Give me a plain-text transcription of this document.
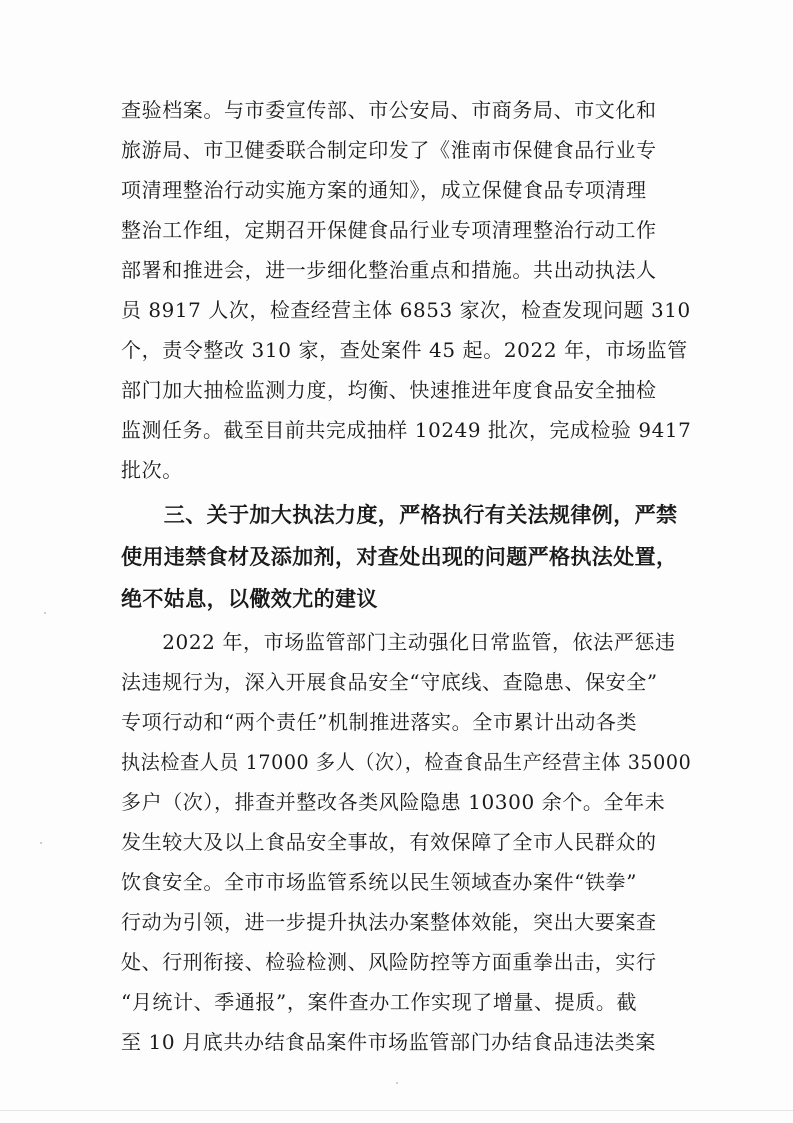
查验档案。与市委宣传部、市公安局、市商务局、市文化和
旅游局、市卫健委联合制定印发了《淮南市保健食品行业专
项清理整治行动实施方案的通知》，成立保健食品专项清理
整治工作组，定期召开保健食品行业专项清理整治行动工作
部署和推进会，进一步细化整治重点和措施。共出动执法人
员 8917 人次，检查经营主体 6853 家次，检查发现问题 310
个，责令整改 310 家，查处案件 45 起。2022 年，市场监管
部门加大抽检监测力度，均衡、快速推进年度食品安全抽检
监测任务。截至目前共完成抽样 10249 批次，完成检验 9417
批次。
　　三、关于加大执法力度，严格执行有关法规律例，严禁
使用违禁食材及添加剂，对查处出现的问题严格执法处置，
绝不姑息，以儆效尤的建议
　　2022 年，市场监管部门主动强化日常监管，依法严惩违
法违规行为，深入开展食品安全“守底线、查隐患、保安全”
专项行动和“两个责任”机制推进落实。全市累计出动各类
执法检查人员 17000 多人（次），检查食品生产经营主体 35000
多户（次），排查并整改各类风险隐患 10300 余个。全年未
发生较大及以上食品安全事故，有效保障了全市人民群众的
饮食安全。全市市场监管系统以民生领域查办案件“铁拳”
行动为引领，进一步提升执法办案整体效能，突出大要案查
处、行刑衔接、检验检测、风险防控等方面重拳出击，实行
“月统计、季通报”，案件查办工作实现了增量、提质。截
至 10 月底共办结食品案件市场监管部门办结食品违法类案
